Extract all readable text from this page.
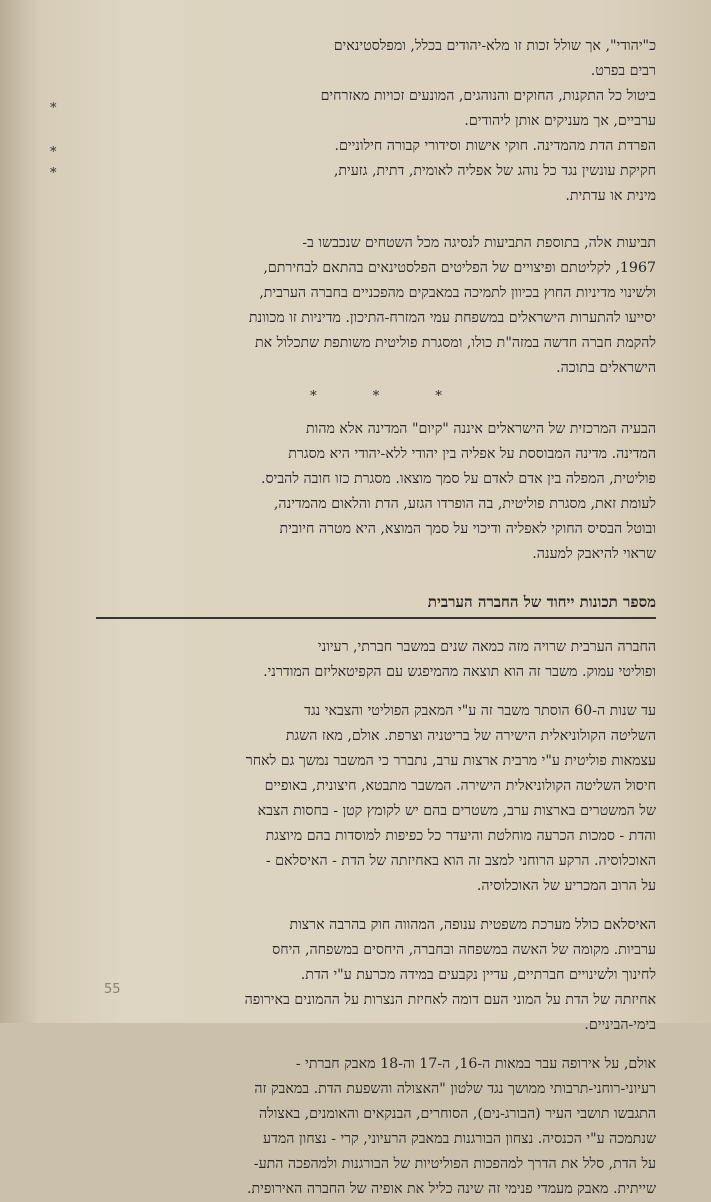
כ"יהודי", אך שולל זכות זו מלא-יהודים בכלל, ומפלסטינאים

רבים בפרט.

*

ביטול כל התקנות, החוקים והנוהגים, המונעים זכויות מאזרחים

ערביים, אך מעניקים אותן ליהודים.

*	הפרדת הדת מהמדינה. חוקי אישות וסידורי קבורה חילוניים.

*	חקיקת עונשין נגד כל נוהג של אפליה לאומית, דתית, גזעית,

מינית או עדתית.

תביעות אלה, בתוספת התביעות לנסיגה מכל השטחים שנכבשו ב-

1967, לקליטתם ופיצויים של הפליטים הפלסטינאים בהתאם לבחירתם,

ולשינוי מדיניות החוץ בכיוון לתמיכה במאבקים מהפכניים בחברה הערבית,

יסייעו להתערות הישראלים במשפחת עמי המזרח-התיכון. מדיניות זו מכוונת

להקמת חברה חדשה במזה"ת כולו, ומסגרת פוליטית משותפת שתכלול את

הישראלים בתוכה.

* * *

הבעיה המרכזית של הישראלים איננה "קיום" המדינה אלא מהות

המדינה. מדינה המבוססת על אפליה בין יהודי ללא-יהודי היא מסגרת

פוליטית, המפלה בין אדם לאדם על סמך מוצאו. מסגרת כזו חובה להביס.

לעומת זאת, מסגרת פוליטית, בה הופרדו הגזע, הדת והלאום מהמדינה,

ובוטל הבסיס החוקי לאפליה ודיכוי על סמך המוצא, היא מטרה חיובית

שראוי להיאבק למענה.

מספר תכונות ייחוד של החברה הערבית

החברה הערבית שרויה מזה כמאה שנים במשבר חברתי, רעיוני

ופוליטי עמוק. משבר זה הוא תוצאה מהמיפגש עם הקפיטאליזם המודרני.

עד שנות ה-60 הוסתר משבר זה ע"י המאבק הפוליטי והצבאי נגד

השליטה הקולוניאלית הישירה של בריטניה וצרפת. אולם, מאז השגת

עצמאות פוליטית ע"י מרבית ארצות ערב, נתברר כי המשבר נמשך גם לאחר

חיסול השליטה הקולוניאלית הישירה. המשבר מתבטא, חיצונית, באופיים

של המשטרים בארצות ערב, משטרים בהם יש לקומץ קטן - בחסות הצבא

והדת - סמכות הכרעה מוחלטת והיעדר כל כפיפות למוסדות בהם מיוצגת

האוכלוסיה. הרקע הרוחני למצב זה הוא באחיזתה של הדת - האיסלאם -

על הרוב המכריע של האוכלוסיה.

האיסלאם כולל מערכת משפטית ענופה, המהווה חוק בהרבה ארצות

ערביות. מקומה של האשה במשפחה ובחברה, היחסים במשפחה, היחס

לחינוך ולשינויים חברתיים, עדיין נקבעים במידה מכרעת ע"י הדת.

אחיזתה של הדת על המוני העם דומה לאחיזת הנצרות על ההמונים באירופה

בימי-הביניים.

אולם, על אירופה עבר במאות ה-16, ה-17 וה-18 מאבק חברתי -

רעיוני-רוחני-תרבותי ממושך נגד שלטון "האצולה והשפעת הדת. במאבק זה

התגבשו תושבי העיר (הבורג-נים), הסוחרים, הבנקאים והאומנים, באצולה

שנתמכה ע"י הכנסיה. נצחון הבורגנות במאבק הרעיוני, קרי - נצחון המדע

על הדת, סלל את הדרך למהפכות הפוליטיות של הבורגנות ולמהפכה התע-

שייתית. מאבק מעמדי פנימי זה שינה כליל את אופיה של החברה האירופית.

55
